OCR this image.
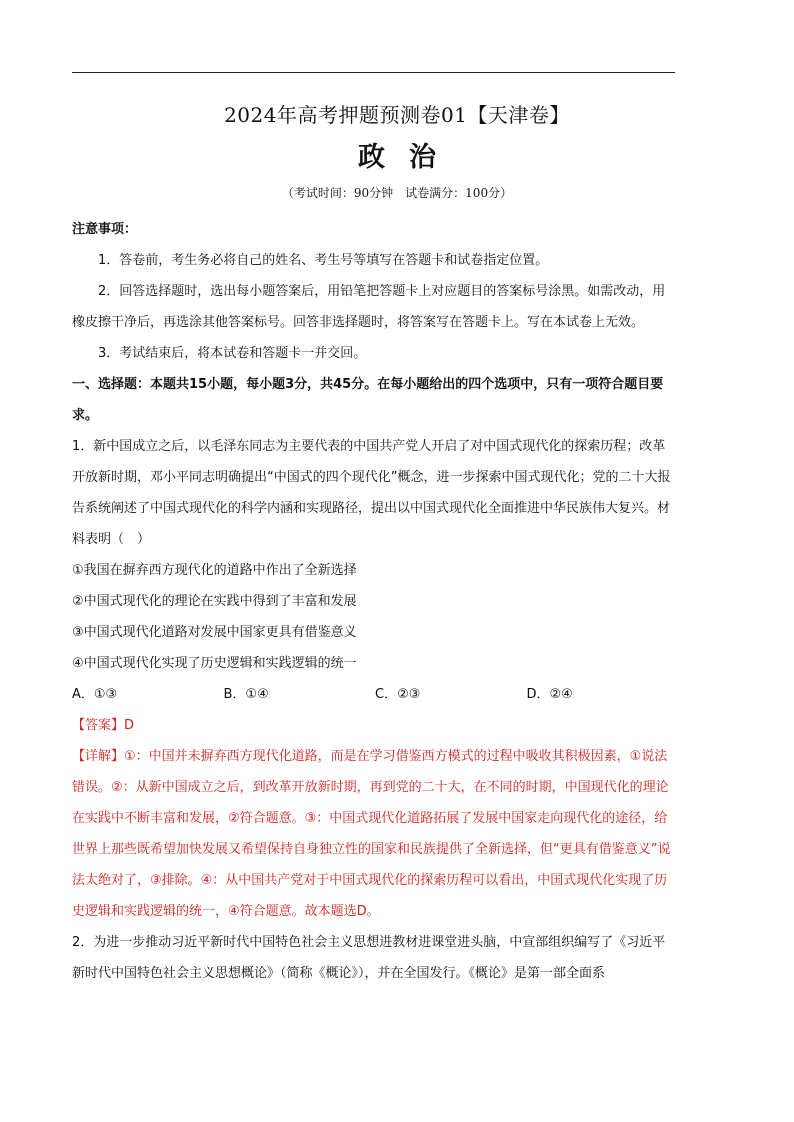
2024年高考押题预测卷01【天津卷】
政治
（考试时间：90分钟　试卷满分：100分）

注意事项：

1．答卷前，考生务必将自己的姓名、考生号等填写在答题卡和试卷指定位置。

2．回答选择题时，选出每小题答案后，用铅笔把答题卡上对应题目的答案标号涂黑。如需改动，用橡皮擦干净后，再选涂其他答案标号。回答非选择题时，将答案写在答题卡上。写在本试卷上无效。

3．考试结束后，将本试卷和答题卡一并交回。

一、选择题：本题共15小题，每小题3分，共45分。在每小题给出的四个选项中，只有一项符合题目要求。

1．新中国成立之后，以毛泽东同志为主要代表的中国共产党人开启了对中国式现代化的探索历程；改革开放新时期，邓小平同志明确提出“中国式的四个现代化”概念，进一步探索中国式现代化；党的二十大报告系统阐述了中国式现代化的科学内涵和实现路径，提出以中国式现代化全面推进中华民族伟大复兴。材料表明（　）

①我国在摒弃西方现代化的道路中作出了全新选择

②中国式现代化的理论在实践中得到了丰富和发展

③中国式现代化道路对发展中国家更具有借鉴意义

④中国式现代化实现了历史逻辑和实践逻辑的统一

A．①③	B．①④	C．②③	D．②④

【答案】D

【详解】①：中国并未摒弃西方现代化道路，而是在学习借鉴西方模式的过程中吸收其积极因素，①说法错误。②：从新中国成立之后，到改革开放新时期，再到党的二十大，在不同的时期，中国现代化的理论在实践中不断丰富和发展，②符合题意。③：中国式现代化道路拓展了发展中国家走向现代化的途径，给世界上那些既希望加快发展又希望保持自身独立性的国家和民族提供了全新选择，但“更具有借鉴意义”说法太绝对了，③排除。④：从中国共产党对于中国式现代化的探索历程可以看出，中国式现代化实现了历史逻辑和实践逻辑的统一，④符合题意。故本题选D。

2．为进一步推动习近平新时代中国特色社会主义思想进教材进课堂进头脑，中宣部组织编写了《习近平新时代中国特色社会主义思想概论》（简称《概论》），并在全国发行。《概论》是第一部全面系
